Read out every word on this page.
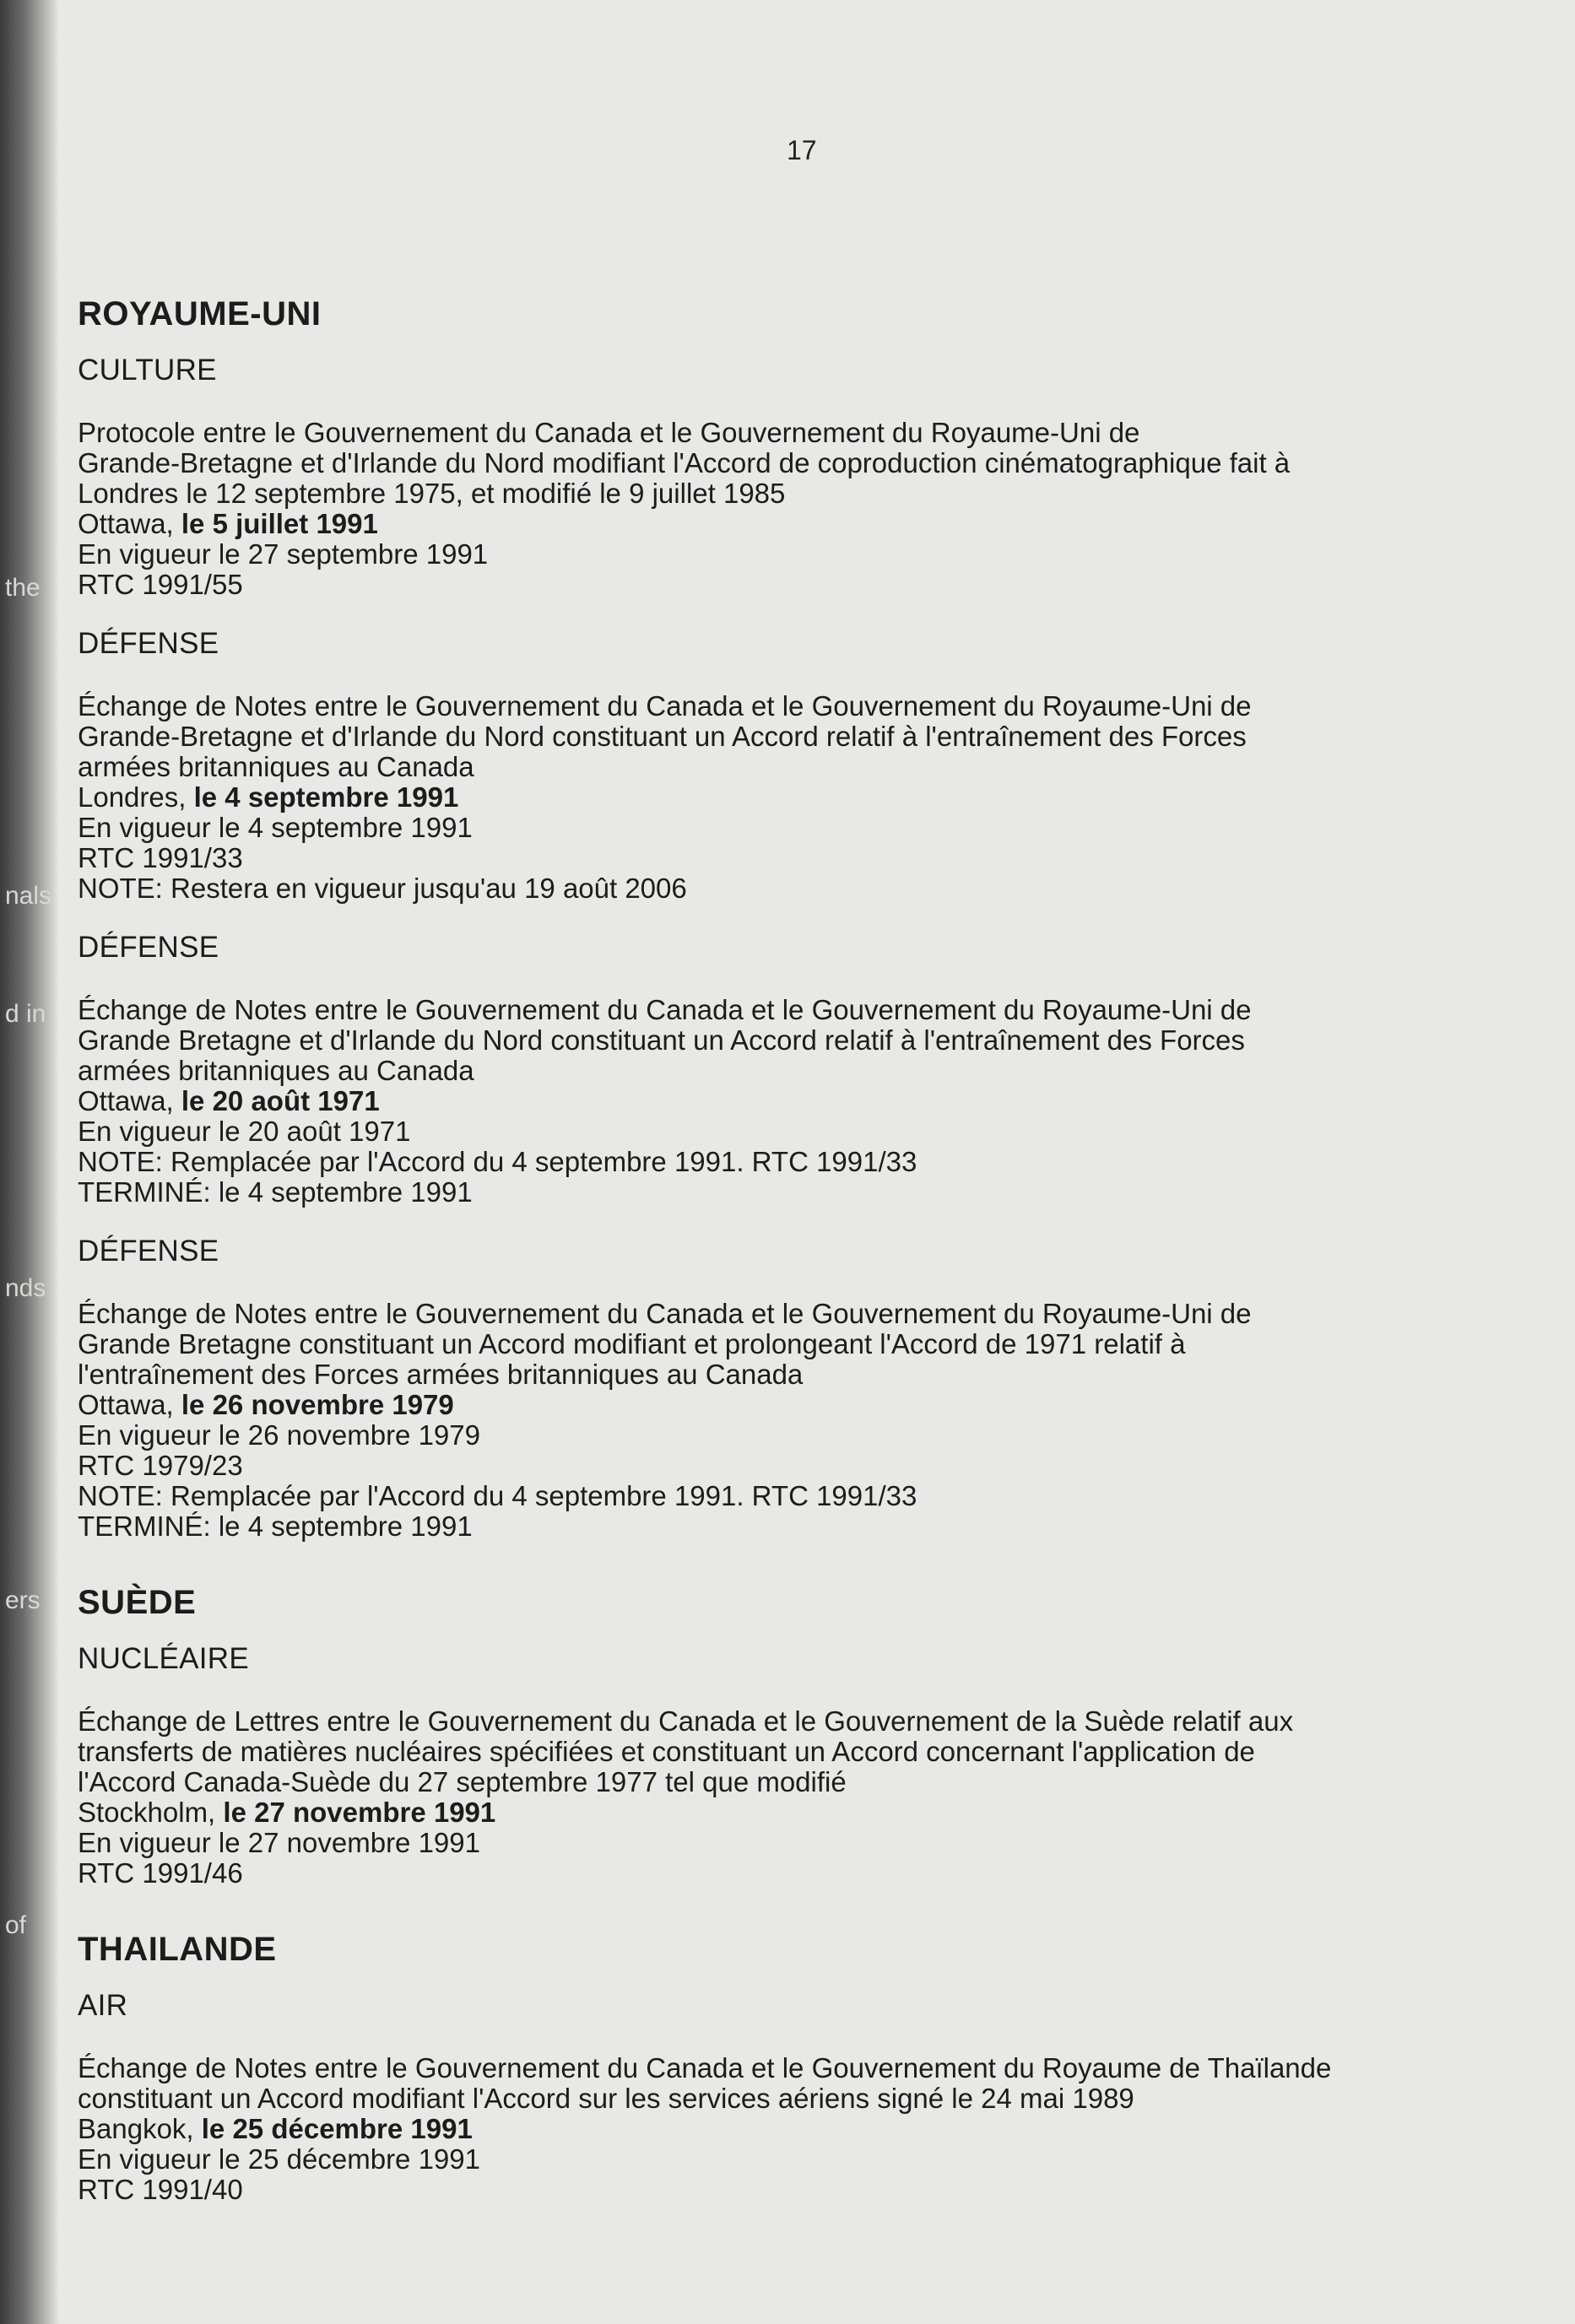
the
nals
d in
nds
ers
of
17
ROYAUME-UNI
CULTURE
Protocole entre le Gouvernement du Canada et le Gouvernement du Royaume-Uni de
Grande-Bretagne et d'Irlande du Nord modifiant l'Accord de coproduction cinématographique fait à
Londres le 12 septembre 1975, et modifié le 9 juillet 1985
Ottawa, le 5 juillet 1991
En vigueur le 27 septembre 1991
RTC 1991/55
DÉFENSE
Échange de Notes entre le Gouvernement du Canada et le Gouvernement du Royaume-Uni de
Grande-Bretagne et d'Irlande du Nord constituant un Accord relatif à l'entraînement des Forces
armées britanniques au Canada
Londres, le 4 septembre 1991
En vigueur le 4 septembre 1991
RTC 1991/33
NOTE: Restera en vigueur jusqu'au 19 août 2006
DÉFENSE
Échange de Notes entre le Gouvernement du Canada et le Gouvernement du Royaume-Uni de
Grande Bretagne et d'Irlande du Nord constituant un Accord relatif à l'entraînement des Forces
armées britanniques au Canada
Ottawa, le 20 août 1971
En vigueur le 20 août 1971
NOTE: Remplacée par l'Accord du 4 septembre 1991. RTC 1991/33
TERMINÉ: le 4 septembre 1991
DÉFENSE
Échange de Notes entre le Gouvernement du Canada et le Gouvernement du Royaume-Uni de
Grande Bretagne constituant un Accord modifiant et prolongeant l'Accord de 1971 relatif à
l'entraînement des Forces armées britanniques au Canada
Ottawa, le 26 novembre 1979
En vigueur le 26 novembre 1979
RTC 1979/23
NOTE: Remplacée par l'Accord du 4 septembre 1991. RTC 1991/33
TERMINÉ: le 4 septembre 1991
SUÈDE
NUCLÉAIRE
Échange de Lettres entre le Gouvernement du Canada et le Gouvernement de la Suède relatif aux
transferts de matières nucléaires spécifiées et constituant un Accord concernant l'application de
l'Accord Canada-Suède du 27 septembre 1977 tel que modifié
Stockholm, le 27 novembre 1991
En vigueur le 27 novembre 1991
RTC 1991/46
THAILANDE
AIR
Échange de Notes entre le Gouvernement du Canada et le Gouvernement du Royaume de Thaïlande
constituant un Accord modifiant l'Accord sur les services aériens signé le 24 mai 1989
Bangkok, le 25 décembre 1991
En vigueur le 25 décembre 1991
RTC 1991/40
